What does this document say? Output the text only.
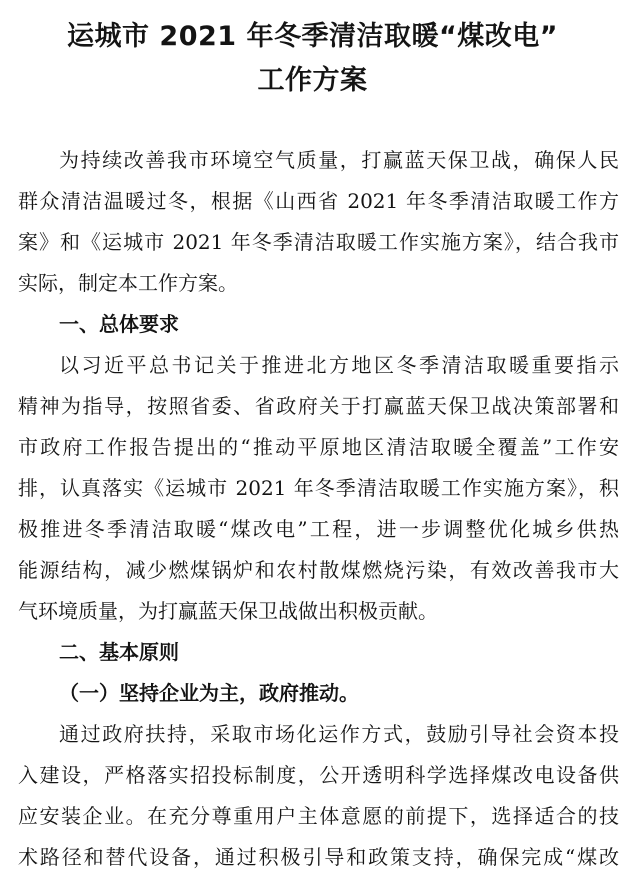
运城市 2021 年冬季清洁取暖“煤改电”
工作方案
为持续改善我市环境空气质量，打赢蓝天保卫战，确保人民
群众清洁温暖过冬，根据《山西省 2021 年冬季清洁取暖工作方
案》和《运城市 2021 年冬季清洁取暖工作实施方案》，结合我市
实际，制定本工作方案。
一、总体要求
以习近平总书记关于推进北方地区冬季清洁取暖重要指示
精神为指导，按照省委、省政府关于打赢蓝天保卫战决策部署和
市政府工作报告提出的“推动平原地区清洁取暖全覆盖”工作安
排，认真落实《运城市 2021 年冬季清洁取暖工作实施方案》，积
极推进冬季清洁取暖“煤改电”工程，进一步调整优化城乡供热
能源结构，减少燃煤锅炉和农村散煤燃烧污染，有效改善我市大
气环境质量，为打赢蓝天保卫战做出积极贡献。
二、基本原则
（一）坚持企业为主，政府推动。
通过政府扶持，采取市场化运作方式，鼓励引导社会资本投
入建设，严格落实招投标制度，公开透明科学选择煤改电设备供
应安装企业。在充分尊重用户主体意愿的前提下，选择适合的技
术路径和替代设备，通过积极引导和政策支持，确保完成“煤改
